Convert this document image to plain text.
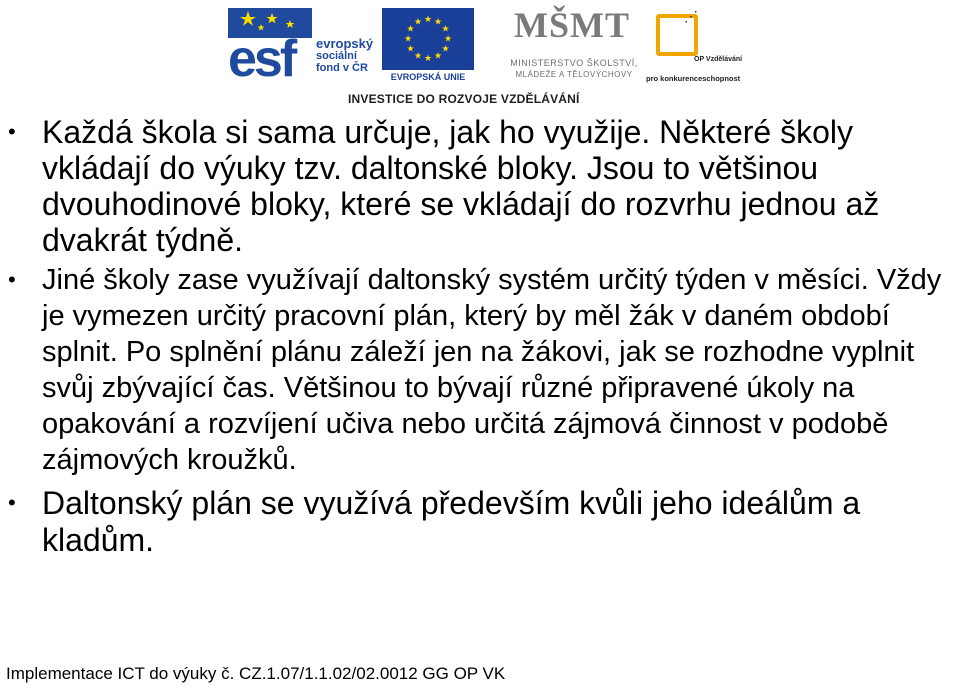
esf evropský
sociální
fond v ČR
★ ★
★
★
★
★
★
★
★
★
★
★
EVROPSKÁ UNIE
MŠMT
MINISTERSTVO ŠKOLSTVÍ,
MLÁDEŽE A TĚLOVÝCHOVY
⋰
OP Vzdělávání
pro konkurenceschopnost
INVESTICE DO ROZVOJE VZDĚLÁVÁNÍ
• Každá škola si sama určuje, jak ho využije. Některé školy vkládají do výuky tzv. daltonské bloky. Jsou to většinou dvouhodinové bloky, které se vkládají do rozvrhu jednou až dvakrát týdně.
• Jiné školy zase využívají daltonský systém určitý týden v měsíci. Vždy je vymezen určitý pracovní plán, který by měl žák v daném období splnit. Po splnění plánu záleží jen na žákovi, jak se rozhodne vyplnit svůj zbývající čas. Většinou to bývají různé připravené úkoly na opakování a rozvíjení učiva nebo určitá zájmová činnost v podobě zájmových kroužků.
• Daltonský plán se využívá především kvůli jeho ideálům a kladům.
Implementace ICT do výuky č. CZ.1.07/1.1.02/02.0012 GG OP VK
